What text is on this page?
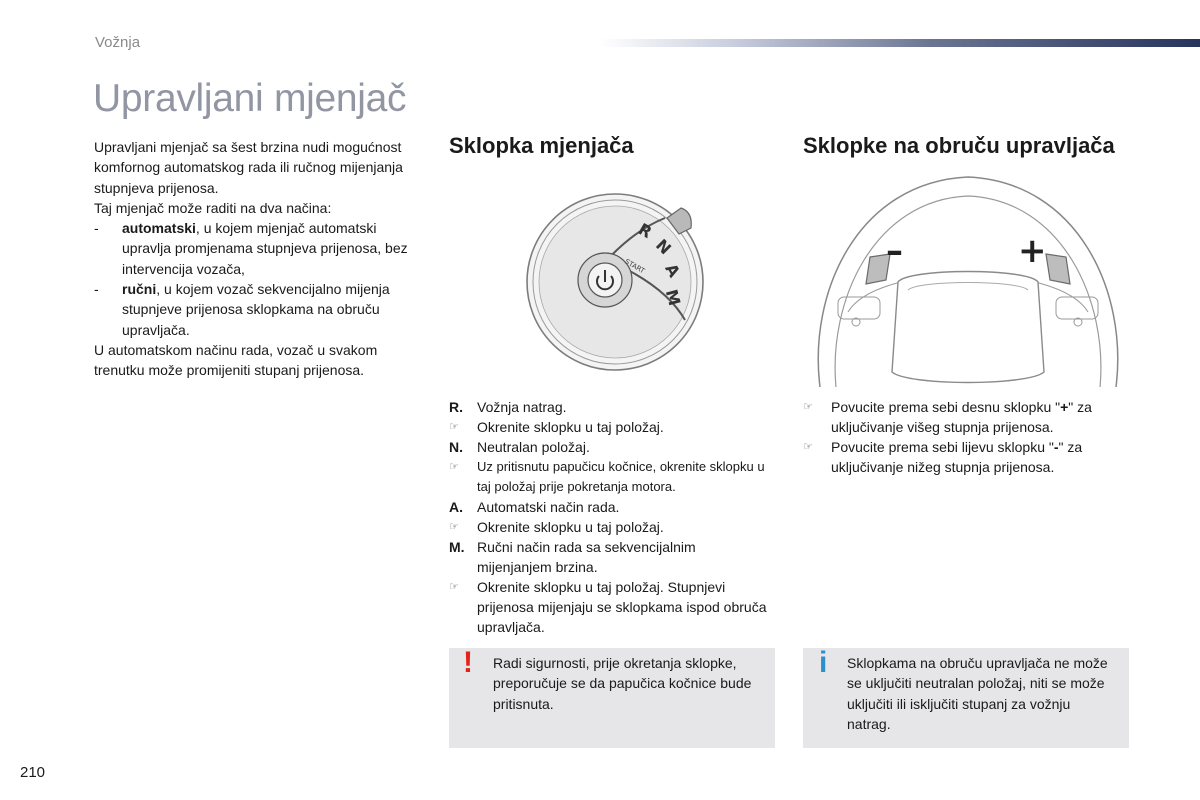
Vožnja
Upravljani mjenjač

Upravljani mjenjač sa šest brzina nudi mogućnost komfornog automatskog rada ili ručnog mijenjanja stupnjeva prijenosa.

Taj mjenjač može raditi na dva načina:

- automatski, u kojem mjenjač automatski upravlja promjenama stupnjeva prijenosa, bez intervencija vozača,

- ručni, u kojem vozač sekvencijalno mijenja stupnjeve prijenosa sklopkama na obruču upravljača.

U automatskom načinu rada, vozač u svakom trenutku može promijeniti stupanj prijenosa.

Sklopka mjenjača	Sklopke na obruču upravljača
R
N
A
M
START	–	+

R. Vožnja natrag.

☞ Okrenite sklopku u taj položaj.

N. Neutralan položaj.

☞ Uz pritisnutu papučicu kočnice, okrenite sklopku u taj položaj prije pokretanja motora.

A. Automatski način rada.

☞ Okrenite sklopku u taj položaj.

M. Ručni način rada sa sekvencijalnim mijenjanjem brzina.

☞ Okrenite sklopku u taj položaj. Stupnjevi prijenosa mijenjaju se sklopkama ispod obruča upravljača.

☞ Povucite prema sebi desnu sklopku "+" za uključivanje višeg stupnja prijenosa.

☞ Povucite prema sebi lijevu sklopku "-" za uključivanje nižeg stupnja prijenosa.

! Radi sigurnosti, prije okretanja sklopke, preporučuje se da papučica kočnice bude pritisnuta.
i Sklopkama na obruču upravljača ne može se uključiti neutralan položaj, niti se može uključiti ili isključiti stupanj za vožnju natrag.
210
